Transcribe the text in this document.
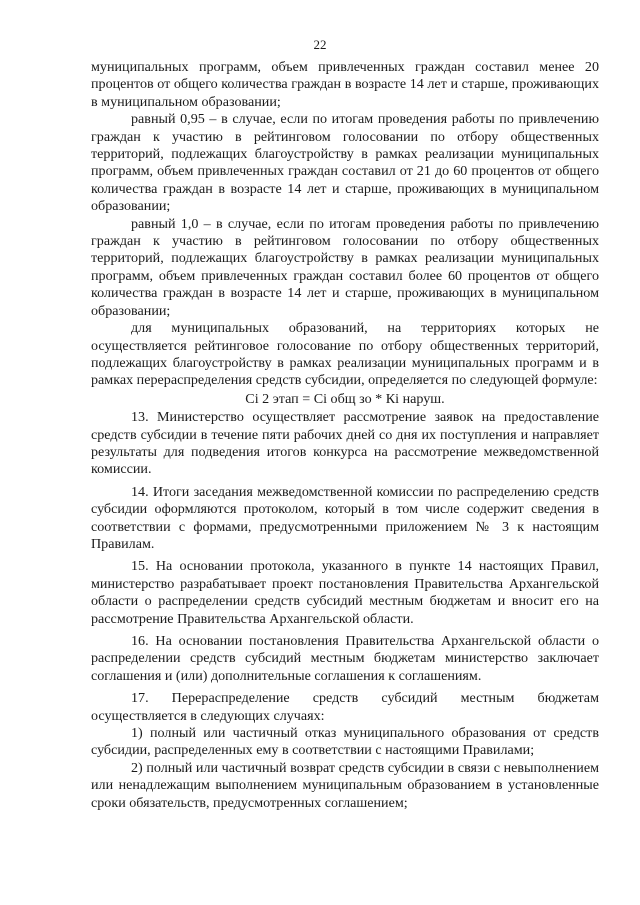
22

муниципальных программ, объем привлеченных граждан составил менее 20 процентов от общего количества граждан в возрасте 14 лет и старше, проживающих в муниципальном образовании;

равный 0,95 – в случае, если по итогам проведения работы по привлечению граждан к участию в рейтинговом голосовании по отбору общественных территорий, подлежащих благоустройству в рамках реализации муниципальных программ, объем привлеченных граждан составил от 21 до 60 процентов от общего количества граждан в возрасте 14 лет и старше, проживающих в муниципальном образовании;

равный 1,0 – в случае, если по итогам проведения работы по привлечению граждан к участию в рейтинговом голосовании по отбору общественных территорий, подлежащих благоустройству в рамках реализации муниципальных программ, объем привлеченных граждан составил более 60 процентов от общего количества граждан в возрасте 14 лет и старше, проживающих в муниципальном образовании;

для муниципальных образований, на территориях которых не осуществляется рейтинговое голосование по отбору общественных территорий, подлежащих благоустройству в рамках реализации муниципальных программ и в рамках перераспределения средств субсидии, определяется по следующей формуле:

Сi 2 этап = Сi общ зо * Кi наруш.

13. Министерство осуществляет рассмотрение заявок на предоставление средств субсидии в течение пяти рабочих дней со дня их поступления и направляет результаты для подведения итогов конкурса на рассмотрение межведомственной комиссии.

14. Итоги заседания межведомственной комиссии по распределению средств субсидии оформляются протоколом, который в том числе содержит сведения в соответствии с формами, предусмотренными приложением № 3 к настоящим Правилам.

15. На основании протокола, указанного в пункте 14 настоящих Правил, министерство разрабатывает проект постановления Правительства Архангельской области о распределении средств субсидий местным бюджетам и вносит его на рассмотрение Правительства Архангельской области.

16. На основании постановления Правительства Архангельской области о распределении средств субсидий местным бюджетам министерство заключает соглашения и (или) дополнительные соглашения к соглашениям.

17. Перераспределение средств субсидий местным бюджетам осуществляется в следующих случаях:

1) полный или частичный отказ муниципального образования от средств субсидии, распределенных ему в соответствии с настоящими Правилами;

2) полный или частичный возврат средств субсидии в связи с невыполнением или ненадлежащим выполнением муниципальным образованием в установленные сроки обязательств, предусмотренных соглашением;
